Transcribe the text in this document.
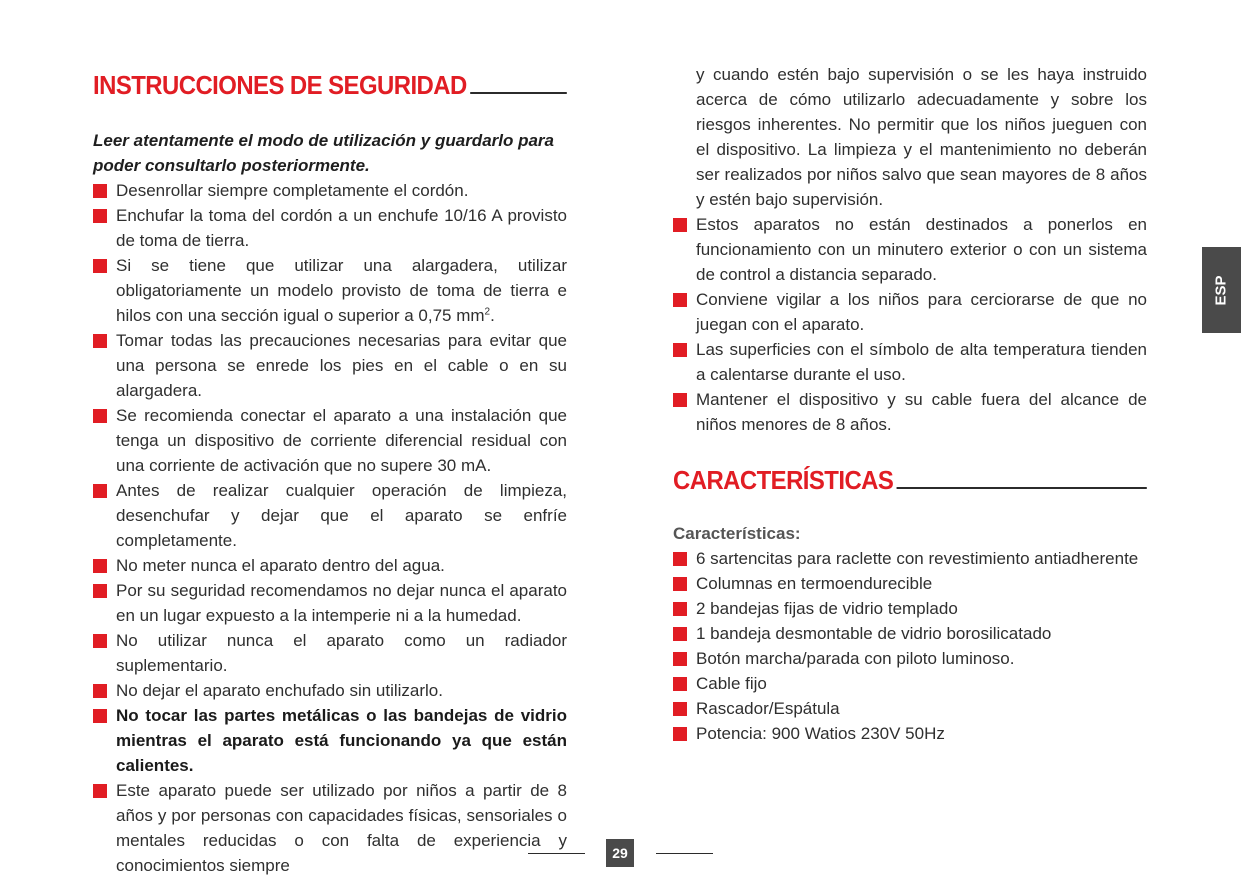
INSTRUCCIONES DE SEGURIDAD
Leer atentamente el modo de utilización y guardarlo para poder consultarlo posteriormente.
Desenrollar siempre completamente el cordón.
Enchufar la toma del cordón a un enchufe 10/16 A provisto de toma de tierra.
Si se tiene que utilizar una alargadera, utilizar obligatoriamente un modelo provisto de toma de tierra e hilos con una sección igual o superior a 0,75 $mm^2$.
Tomar todas las precauciones necesarias para evitar que una persona se enrede los pies en el cable o en su alargadera.
Se recomienda conectar el aparato a una instalación que tenga un dispositivo de corriente diferencial residual con una corriente de activación que no supere 30 mA.
Antes de realizar cualquier operación de limpieza, desenchufar y dejar que el aparato se enfríe completamente.
No meter nunca el aparato dentro del agua.
Por su seguridad recomendamos no dejar nunca el aparato en un lugar expuesto a la intemperie ni a la humedad.
No utilizar nunca el aparato como un radiador suplementario.
No dejar el aparato enchufado sin utilizarlo.
No tocar las partes metálicas o las bandejas de vidrio mientras el aparato está funcionando ya que están calientes.
Este aparato puede ser utilizado por niños a partir de 8 años y por personas con capacidades físicas, sensoriales o mentales reducidas o con falta de experiencia y conocimientos siempre
y cuando estén bajo supervisión o se les haya instruido acerca de cómo utilizarlo adecuadamente y sobre los riesgos inherentes. No permitir que los niños jueguen con el dispositivo. La limpieza y el mantenimiento no deberán ser realizados por niños salvo que sean mayores de 8 años y estén bajo supervisión.
Estos aparatos no están destinados a ponerlos en funcionamiento con un minutero exterior o con un sistema de control a distancia separado.
Conviene vigilar a los niños para cerciorarse de que no juegan con el aparato.
Las superficies con el símbolo de alta temperatura tienden a calentarse durante el uso.
Mantener el dispositivo y su cable fuera del alcance de niños menores de 8 años.
CARACTERÍSTICAS
Características:
6 sartencitas para raclette con revestimiento antiadherente
Columnas en termoendurecible
2 bandejas fijas de vidrio templado
1 bandeja desmontable de vidrio borosilicatado
Botón marcha/parada con piloto luminoso.
Cable fijo
Rascador/Espátula
Potencia: 900 Watios 230V 50Hz
ESP
29
